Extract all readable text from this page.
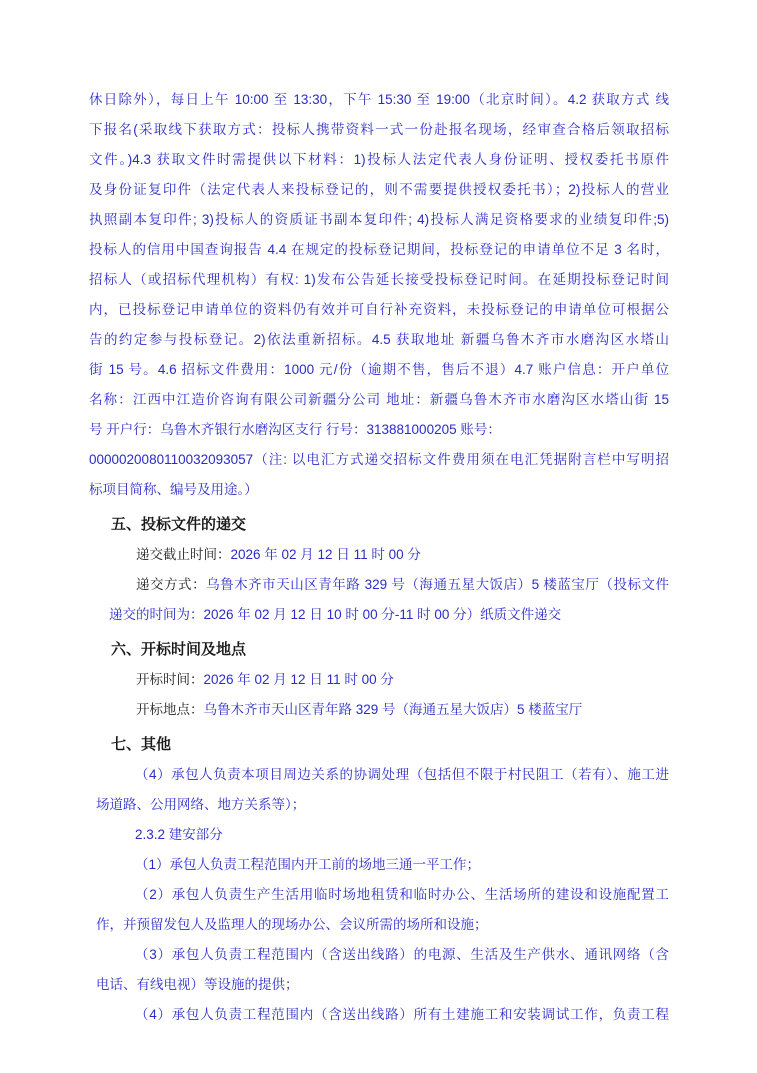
休日除外），每日上午 10:00 至 13:30，下午 15:30 至 19:00（北京时间）。4.2 获取方式 线
下报名(采取线下获取方式：投标人携带资料一式一份赴报名现场，经审查合格后领取招标
文件。)4.3 获取文件时需提供以下材料：1)投标人法定代表人身份证明、授权委托书原件
及身份证复印件（法定代表人来投标登记的，则不需要提供授权委托书）；2)投标人的营业
执照副本复印件; 3)投标人的资质证书副本复印件; 4)投标人满足资格要求的业绩复印件;5)
投标人的信用中国查询报告 4.4 在规定的投标登记期间，投标登记的申请单位不足 3 名时，
招标人（或招标代理机构）有权: 1)发布公告延长接受投标登记时间。在延期投标登记时间
内，已投标登记申请单位的资料仍有效并可自行补充资料，未投标登记的申请单位可根据公
告的约定参与投标登记。2)依法重新招标。4.5 获取地址 新疆乌鲁木齐市水磨沟区水塔山
街 15 号。4.6 招标文件费用：1000 元/份（逾期不售，售后不退）4.7 账户信息：开户单位
名称：江西中江造价咨询有限公司新疆分公司 地址：新疆乌鲁木齐市水磨沟区水塔山街 15
号 开户行：乌鲁木齐银行水磨沟区支行 行号：313881000205 账号：
0000020080110032093057（注: 以电汇方式递交招标文件费用须在电汇凭据附言栏中写明招
标项目简称、编号及用途。）
五、投标文件的递交
递交截止时间：2026 年 02 月 12 日 11 时 00 分
递交方式：乌鲁木齐市天山区青年路 329 号（海通五星大饭店）5 楼蓝宝厅（投标文件
递交的时间为：2026 年 02 月 12 日 10 时 00 分-11 时 00 分）纸质文件递交
六、开标时间及地点
开标时间：2026 年 02 月 12 日 11 时 00 分
开标地点：乌鲁木齐市天山区青年路 329 号（海通五星大饭店）5 楼蓝宝厅
七、其他
（4）承包人负责本项目周边关系的协调处理（包括但不限于村民阻工（若有）、施工进
场道路、公用网络、地方关系等）；
2.3.2 建安部分
（1）承包人负责工程范围内开工前的场地三通一平工作；
（2）承包人负责生产生活用临时场地租赁和临时办公、生活场所的建设和设施配置工
作，并预留发包人及监理人的现场办公、会议所需的场所和设施；
（3）承包人负责工程范围内（含送出线路）的电源、生活及生产供水、通讯网络（含
电话、有线电视）等设施的提供；
（4）承包人负责工程范围内（含送出线路）所有土建施工和安装调试工作，负责工程
